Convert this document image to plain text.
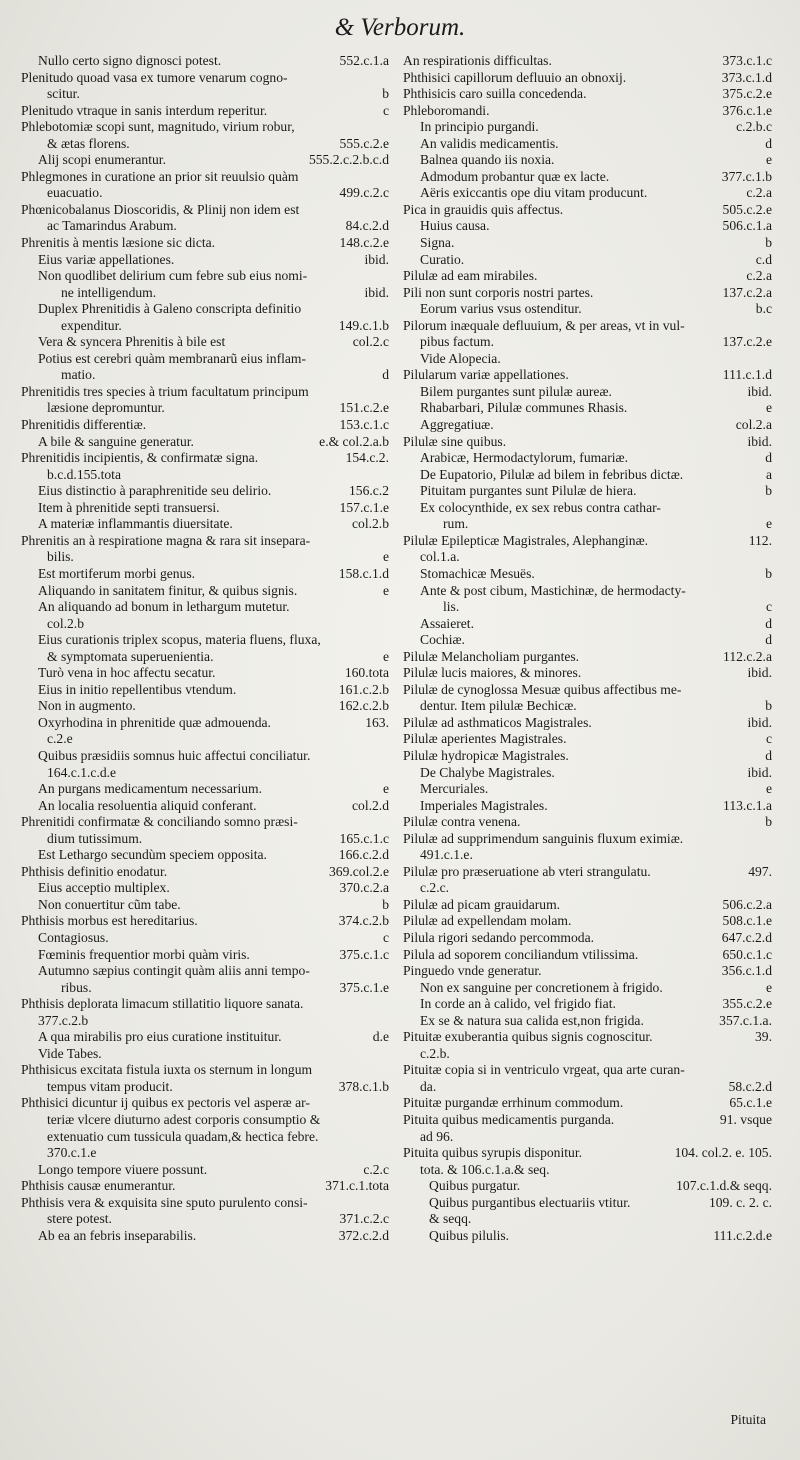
& Verborum.
Nullo certo signo dignosci potest.	552.c.1.a
Plenitudo quoad vasa ex tumore venarum cogno-
scitur.	b
Plenitudo vtraque in sanis interdum reperitur.	c
Phlebotomiæ scopi sunt, magnitudo, virium robur,
& ætas florens.	555.c.2.e
Alij scopi enumerantur.	555.2.c.2.b.c.d
Phlegmones in curatione an prior sit reuulsio quàm
euacuatio.	499.c.2.c
Phœnicobalanus Dioscoridis, & Plinij non idem est
ac Tamarindus Arabum.	84.c.2.d
Phrenitis à mentis læsione sic dicta.	148.c.2.e
Eius variæ appellationes.	ibid.
Non quodlibet delirium cum febre sub eius nomi-
ne intelligendum.	ibid.
Duplex Phrenitidis à Galeno conscripta definitio
expenditur.	149.c.1.b
Vera & syncera Phrenitis à bile est	col.2.c
Potius est cerebri quàm membranarũ eius inflam-
matio.	d
Phrenitidis tres species à trium facultatum principum
læsione depromuntur.	151.c.2.e
Phrenitidis differentiæ.	153.c.1.c
A bile & sanguine generatur.	e.& col.2.a.b
Phrenitidis incipientis, & confirmatæ signa.	154.c.2.
b.c.d.155.tota
Eius distinctio à paraphrenitide seu delirio.	156.c.2
Item à phrenitide septi transuersi.	157.c.1.e
A materiæ inflammantis diuersitate.	col.2.b
Phrenitis an à respiratione magna & rara sit insepara-
bilis.	e
Est mortiferum morbi genus.	158.c.1.d
Aliquando in sanitatem finitur, & quibus signis.	e
An aliquando ad bonum in lethargum mutetur.
col.2.b
Eius curationis triplex scopus, materia fluens, fluxa,
& symptomata superuenientia.	e
Turò vena in hoc affectu secatur.	160.tota
Eius in initio repellentibus vtendum.	161.c.2.b
Non in augmento.	162.c.2.b
Oxyrhodina in phrenitide quæ admouenda.	163.
c.2.e
Quibus præsidiis somnus huic affectui conciliatur.
164.c.1.c.d.e
An purgans medicamentum necessarium.	e
An localia resoluentia aliquid conferant.	col.2.d
Phrenitidi confirmatæ & conciliando somno præsi-
dium tutissimum.	165.c.1.c
Est Lethargo secundùm speciem opposita.	166.c.2.d
Phthisis definitio enodatur.	369.col.2.e
Eius acceptio multiplex.	370.c.2.a
Non conuertitur cũm tabe.	b
Phthisis morbus est hereditarius.	374.c.2.b
Contagiosus.	c
Fœminis frequentior morbi quàm viris.	375.c.1.c
Autumno sæpius contingit quàm aliis anni tempo-
ribus.	375.c.1.e
Phthisis deplorata limacum stillatitio liquore sanata.
377.c.2.b
A qua mirabilis pro eius curatione instituitur.	d.e
Vide Tabes.
Phthisicus excitata fistula iuxta os sternum in longum
tempus vitam producit.	378.c.1.b
Phthisici dicuntur ij quibus ex pectoris vel asperæ ar-
teriæ vlcere diuturno adest corporis consumptio &
extenuatio cum tussicula quadam,& hectica febre.
370.c.1.e
Longo tempore viuere possunt.	c.2.c
Phthisis causæ enumerantur.	371.c.1.tota
Phthisis vera & exquisita sine sputo purulento consi-
stere potest.	371.c.2.c
Ab ea an febris inseparabilis.	372.c.2.d
An respirationis difficultas.	373.c.1.c
Phthisici capillorum defluuio an obnoxij.	373.c.1.d
Phthisicis caro suilla concedenda.	375.c.2.e
Phleboromandi.	376.c.1.e
In principio purgandi.	c.2.b.c
An validis medicamentis.	d
Balnea quando iis noxia.	e
Admodum probantur quæ ex lacte.	377.c.1.b
Aëris exiccantis ope diu vitam producunt.	c.2.a
Pica in grauidis quis affectus.	505.c.2.e
Huius causa.	506.c.1.a
Signa.	b
Curatio.	c.d
Pilulæ ad eam mirabiles.	c.2.a
Pili non sunt corporis nostri partes.	137.c.2.a
Eorum varius vsus ostenditur.	b.c
Pilorum inæquale defluuium, & per areas, vt in vul-
pibus factum.	137.c.2.e
Vide Alopecia.
Pilularum variæ appellationes.	111.c.1.d
Bilem purgantes sunt pilulæ aureæ.	ibid.
Rhabarbari, Pilulæ communes Rhasis.	e
Aggregatiuæ.	col.2.a
Pilulæ sine quibus.	ibid.
Arabicæ, Hermodactylorum, fumariæ.	d
De Eupatorio, Pilulæ ad bilem in febribus dictæ.	a
Pituitam purgantes sunt Pilulæ de hiera.	b
Ex colocynthide, ex sex rebus contra cathar-
rum.	e
Pilulæ Epilepticæ Magistrales, Alephanginæ.	112.
col.1.a.
Stomachicæ Mesuës.	b
Ante & post cibum, Mastichinæ, de hermodacty-
lis.	c
Assaieret.	d
Cochiæ.	d
Pilulæ Melancholiam purgantes.	112.c.2.a
Pilulæ lucis maiores, & minores.	ibid.
Pilulæ de cynoglossa Mesuæ quibus affectibus me-
dentur. Item pilulæ Bechicæ.	b
Pilulæ ad asthmaticos Magistrales.	ibid.
Pilulæ aperientes Magistrales.	c
Pilulæ hydropicæ Magistrales.	d
De Chalybe Magistrales.	ibid.
Mercuriales.	e
Imperiales Magistrales.	113.c.1.a
Pilulæ contra venena.	b
Pilulæ ad supprimendum sanguinis fluxum eximiæ.
491.c.1.e.
Pilulæ pro præseruatione ab vteri strangulatu.	497.
c.2.c.
Pilulæ ad picam grauidarum.	506.c.2.a
Pilulæ ad expellendam molam.	508.c.1.e
Pilula rigori sedando percommoda.	647.c.2.d
Pilula ad soporem conciliandum vtilissima.	650.c.1.c
Pinguedo vnde generatur.	356.c.1.d
Non ex sanguine per concretionem à frigido.	e
In corde an à calido, vel frigido fiat.	355.c.2.e
Ex se & natura sua calida est,non frigida.	357.c.1.a.
Pituitæ exuberantia quibus signis cognoscitur.	39.
c.2.b.
Pituitæ copia si in ventriculo vrgeat, qua arte curan-
da.	58.c.2.d
Pituitæ purgandæ errhinum commodum.	65.c.1.e
Pituita quibus medicamentis purganda.	91. vsque
ad 96.
Pituita quibus syrupis disponitur.	104. col.2. e. 105.
tota. & 106.c.1.a.& seq.
Quibus purgatur.	107.c.1.d.& seqq.
Quibus purgantibus electuariis vtitur.	109. c. 2. c.
& seqq.
Quibus pilulis.	111.c.2.d.e
Pituita
